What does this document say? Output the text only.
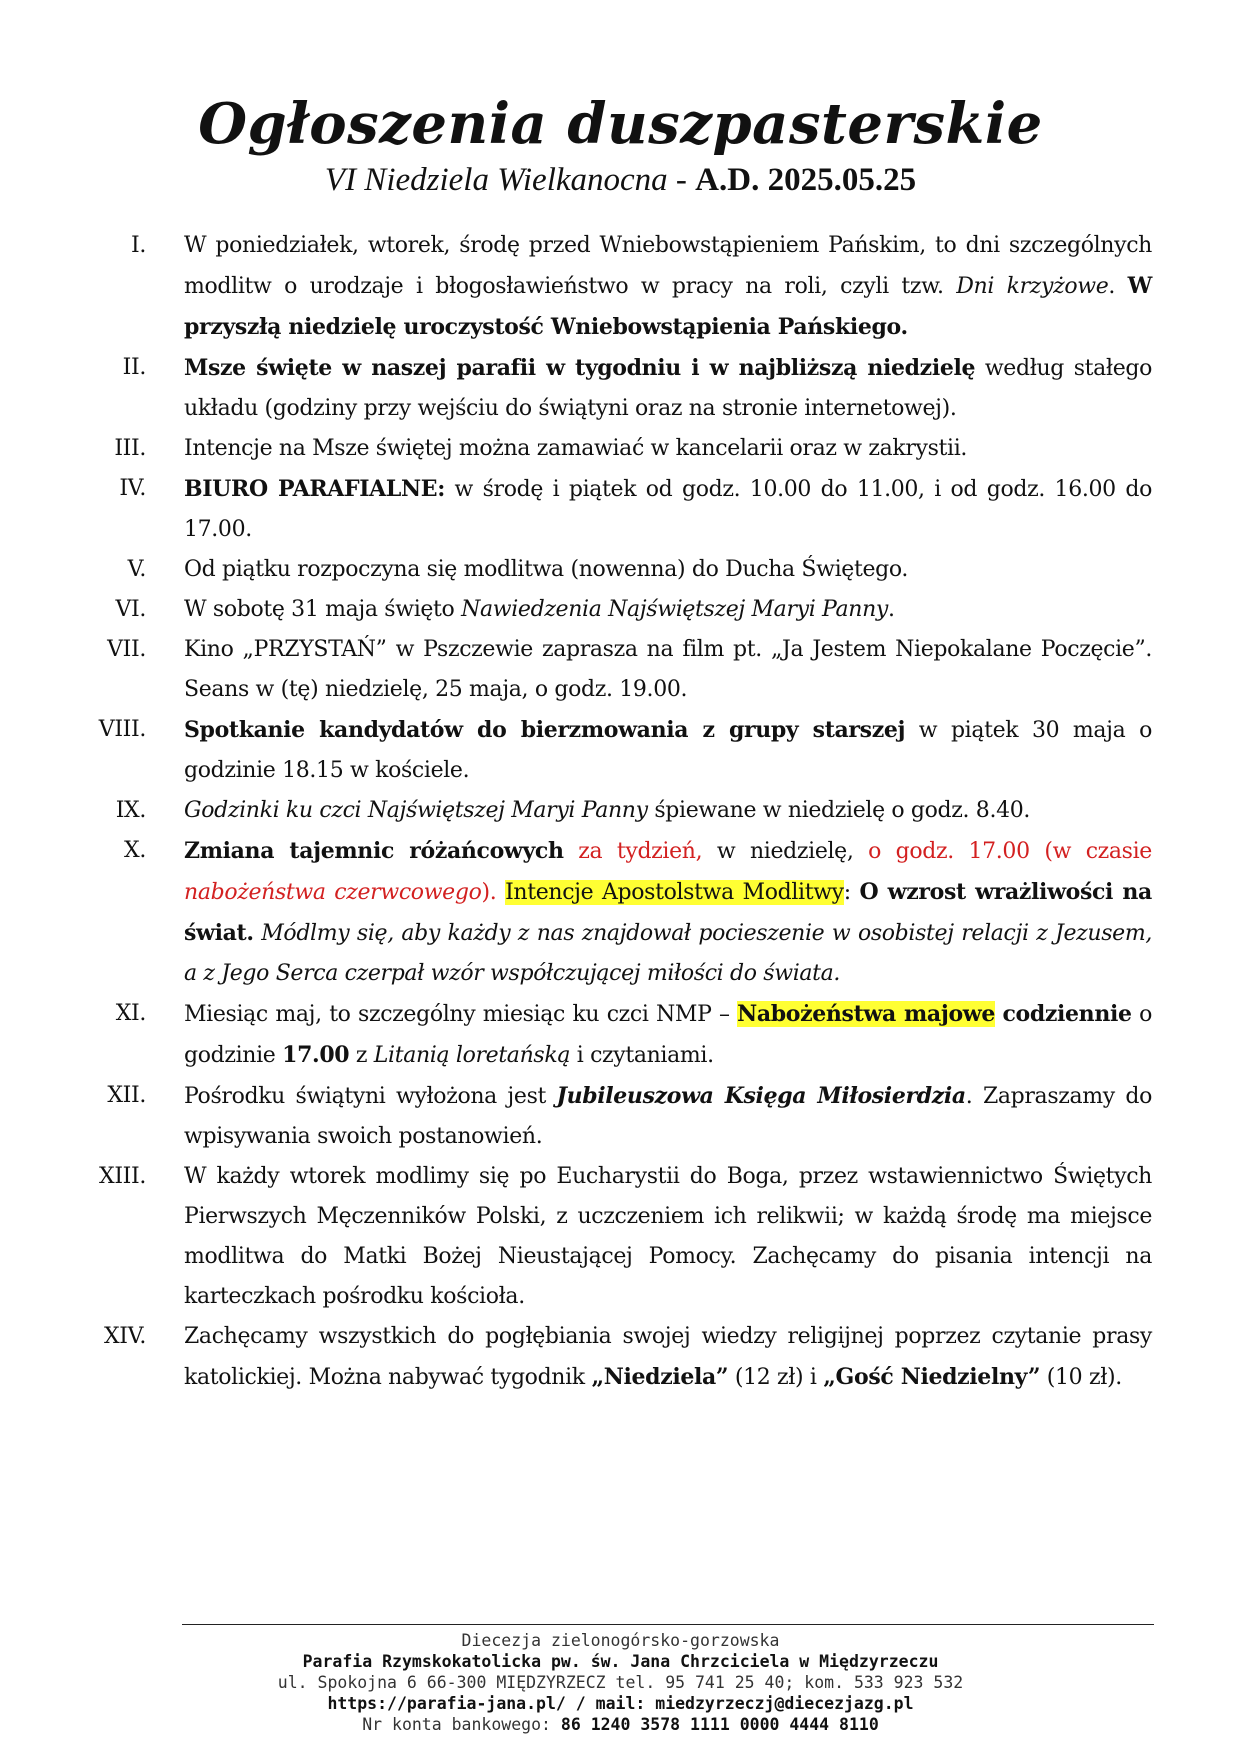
Ogłoszenia duszpasterskie

VI Niedziela Wielkanocna - A.D. 2025.05.25

I. W poniedziałek, wtorek, środę przed Wniebowstąpieniem Pańskim, to dni szczególnych modlitw o urodzaje i błogosławieństwo w pracy na roli, czyli tzw. Dni krzyżowe. W przyszłą niedzielę uroczystość Wniebowstąpienia Pańskiego.
II. Msze święte w naszej parafii w tygodniu i w najbliższą niedzielę według stałego układu (godziny przy wejściu do świątyni oraz na stronie internetowej).
III. Intencje na Msze świętej można zamawiać w kancelarii oraz w zakrystii.
IV. BIURO PARAFIALNE: w środę i piątek od godz. 10.00 do 11.00, i od godz. 16.00 do 17.00.
V. Od piątku rozpoczyna się modlitwa (nowenna) do Ducha Świętego.
VI. W sobotę 31 maja święto Nawiedzenia Najświętszej Maryi Panny.
VII. Kino „PRZYSTAŃ” w Pszczewie zaprasza na film pt. „Ja Jestem Niepokalane Poczęcie”. Seans w (tę) niedzielę, 25 maja, o godz. 19.00.
VIII. Spotkanie kandydatów do bierzmowania z grupy starszej w piątek 30 maja o godzinie 18.15 w kościele.
IX. Godzinki ku czci Najświętszej Maryi Panny śpiewane w niedzielę o godz. 8.40.
X. Zmiana tajemnic różańcowych za tydzień, w niedzielę, o godz. 17.00 (w czasie nabożeństwa czerwcowego). Intencje Apostolstwa Modlitwy: O wzrost wrażliwości na świat. Módlmy się, aby każdy z nas znajdował pocieszenie w osobistej relacji z Jezusem, a z Jego Serca czerpał wzór współczującej miłości do świata.
XI. Miesiąc maj, to szczególny miesiąc ku czci NMP – Nabożeństwa majowe codziennie o godzinie 17.00 z Litanią loretańską i czytaniami.
XII. Pośrodku świątyni wyłożona jest Jubileuszowa Księga Miłosierdzia. Zapraszamy do wpisywania swoich postanowień.
XIII. W każdy wtorek modlimy się po Eucharystii do Boga, przez wstawiennictwo Świętych Pierwszych Męczenników Polski, z uczczeniem ich relikwii; w każdą środę ma miejsce modlitwa do Matki Bożej Nieustającej Pomocy. Zachęcamy do pisania intencji na karteczkach pośrodku kościoła.
XIV. Zachęcamy wszystkich do pogłębiania swojej wiedzy religijnej poprzez czytanie prasy katolickiej. Można nabywać tygodnik „Niedziela” (12 zł) i „Gość Niedzielny” (10 zł).
Diecezja zielonogórsko-gorzowska
Parafia Rzymskokatolicka pw. św. Jana Chrzciciela w Międzyrzeczu
ul. Spokojna 6 66-300 MIĘDZYRZECZ tel. 95 741 25 40; kom. 533 923 532
https://parafia-jana.pl/ / mail: miedzyrzeczj@diecezjazg.pl
Nr konta bankowego: 86 1240 3578 1111 0000 4444 8110
